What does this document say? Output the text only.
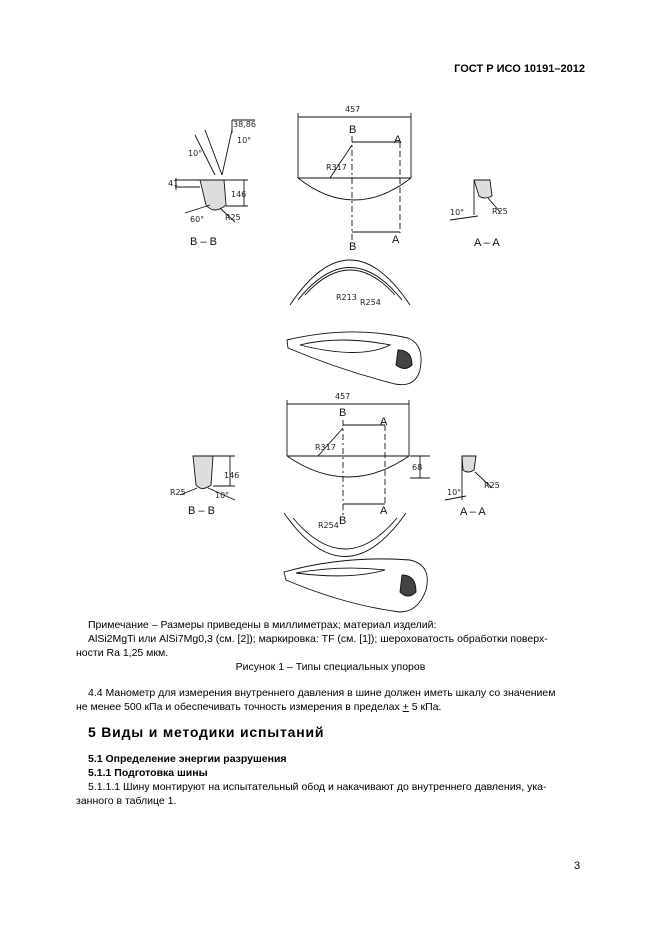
ГОСТ Р ИСО 10191–2012
38,86
10°
10°
41
146
60°	R25
B – B
457
B
A
R317
A
B
10°	R25
A – A
R213
R254
457
B
A
R317
68
A
B
146
R25	10°
B – B
10°
R25
A – A
R254
Примечание – Размеры приведены в миллиметрах; материал изделий:
AlSi2MgTi или AlSi7Mg0,3 (см. [2]); маркировка: TF (см. [1]); шероховатость обработки поверх-
ности Ra 1,25 мкм.
Рисунок 1 – Типы специальных упоров
4.4 Манометр для измерения внутреннего давления в шине должен иметь шкалу со значением
не менее 500 кПа и обеспечивать точность измерения в пределах + 5 кПа.
5 Виды и методики испытаний
5.1 Определение энергии разрушения
5.1.1 Подготовка шины
5.1.1.1 Шину монтируют на испытательный обод и накачивают до внутреннего давления, ука-
занного в таблице 1.
3
